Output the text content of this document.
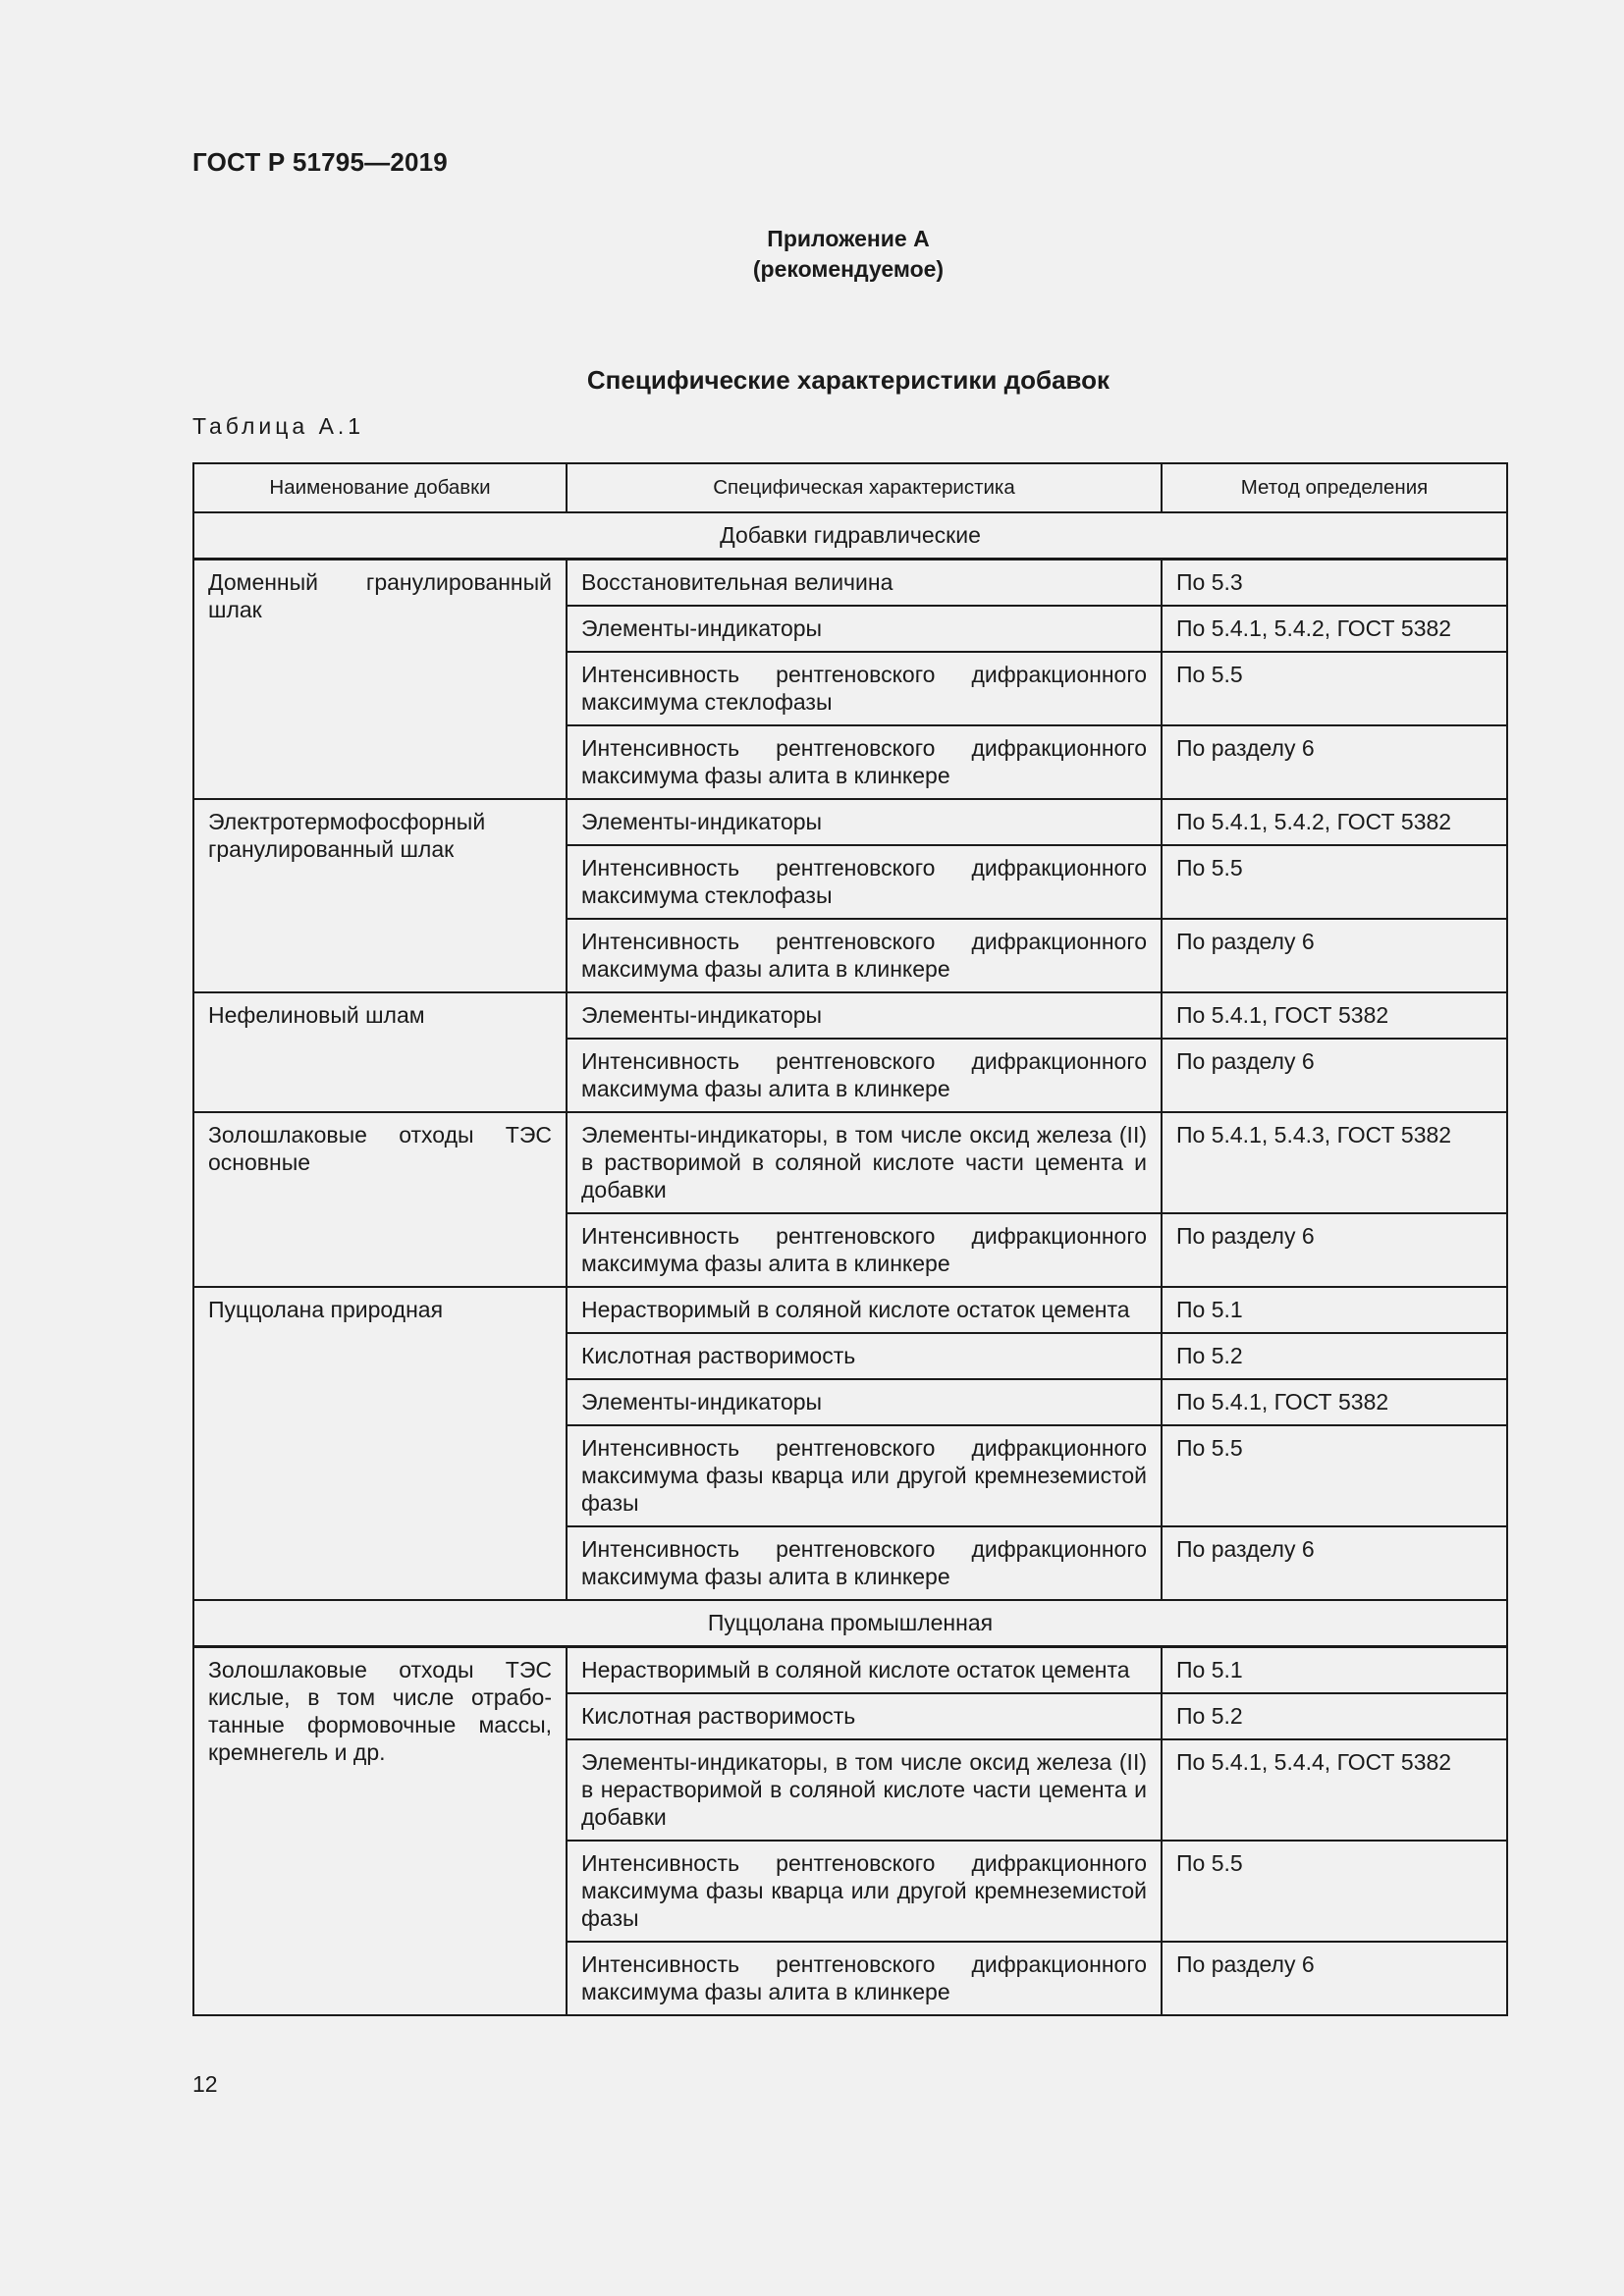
ГОСТ Р 51795—2019
Приложение А
(рекомендуемое)
Специфические характеристики добавок
Таблица А.1
Наименование добавки	Специфическая характеристика	Метод определения
Добавки гидравлические		
Доменный гранулированный шлак	Восстановительная величина	По 5.3
	Элементы-индикаторы	По 5.4.1, 5.4.2, ГОСТ 5382
	Интенсивность рентгеновского дифракционного максимума стеклофазы	По 5.5
	Интенсивность рентгеновского дифракционного максимума фазы алита в клинкере	По разделу 6
Электротермофосфорный гранулированный шлак	Элементы-индикаторы	По 5.4.1, 5.4.2, ГОСТ 5382
	Интенсивность рентгеновского дифракционного максимума стеклофазы	По 5.5
	Интенсивность рентгеновского дифракционного максимума фазы алита в клинкере	По разделу 6
Нефелиновый шлам	Элементы-индикаторы	По 5.4.1, ГОСТ 5382
	Интенсивность рентгеновского дифракционного максимума фазы алита в клинкере	По разделу 6
Золошлаковые отходы ТЭС основные	Элементы-индикаторы, в том числе оксид железа (II) в растворимой в соляной кислоте части цемента и добавки	По 5.4.1, 5.4.3, ГОСТ 5382
	Интенсивность рентгеновского дифракционного максимума фазы алита в клинкере	По разделу 6
Пуццолана природная	Нерастворимый в соляной кислоте остаток цемента	По 5.1
	Кислотная растворимость	По 5.2
	Элементы-индикаторы	По 5.4.1, ГОСТ 5382
	Интенсивность рентгеновского дифракционного максимума фазы кварца или другой кремнеземистой фазы	По 5.5
	Интенсивность рентгеновского дифракционного максимума фазы алита в клинкере	По разделу 6
Пуццолана промышленная		
Золошлаковые отходы ТЭС кислые, в том числе отработанные формовочные массы, кремнегель и др.	Нерастворимый в соляной кислоте остаток цемента	По 5.1
	Кислотная растворимость	По 5.2
	Элементы-индикаторы, в том числе оксид железа (II) в нерастворимой в соляной кислоте части цемента и добавки	По 5.4.1, 5.4.4, ГОСТ 5382
	Интенсивность рентгеновского дифракционного максимума фазы кварца или другой кремнеземистой фазы	По 5.5
	Интенсивность рентгеновского дифракционного максимума фазы алита в клинкере	По разделу 6
12
